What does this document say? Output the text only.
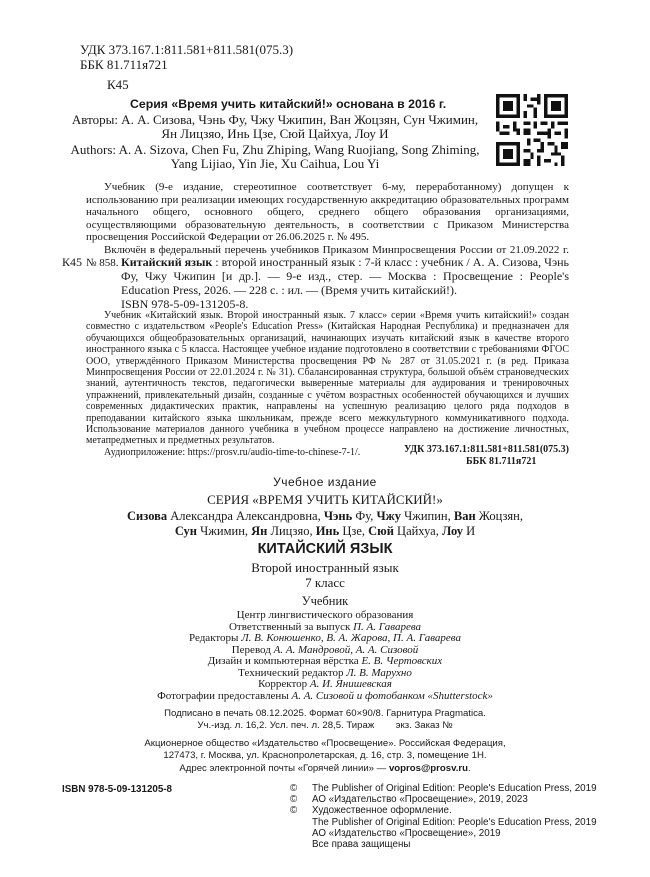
УДК 373.167.1:811.581+811.581(075.3)

ББК 81.711я721

К45

Серия «Время учить китайский!» основана в 2016 г.

Авторы: А. А. Сизова, Чэнь Фу, Чжу Чжипин, Ван Жоцзян, Сун Чжимин,
Ян Лицзяо, Инь Цзе, Сюй Цайхуа, Лоу И
Authors: A. A. Sizova, Chen Fu, Zhu Zhiping, Wang Ruojiang, Song Zhiming,
Yang Lijiao, Yin Jie, Xu Caihua, Lou Yi

Учебник (9-е издание, стереотипное соответствует 6-му, переработанному) допущен к использованию при реализации имеющих государственную аккредитацию образовательных программ начального общего, основного общего, среднего общего образования организациями, осуществляющими образовательную деятельность, в соответствии с Приказом Министерства просвещения Российской Федерации от 26.06.2025 г. № 495.

Включён в федеральный перечень учебников Приказом Минпросвещения России от 21.09.2022 г. № 858.

К45	Китайский язык : второй иностранный язык : 7-й класс : учебник / А. А. Сизова, Чэнь Фу, Чжу Чжипин [и др.]. — 9-е изд., стер. — Москва : Просвещение : People's Education Press, 2026. — 228 с. : ил. — (Время учить китайский!).

ISBN 978-5-09-131205-8.

Учебник «Китайский язык. Второй иностранный язык. 7 класс» серии «Время учить китайский!» создан совместно с издательством «People's Education Press» (Китайская Народная Республика) и предназначен для обучающихся общеобразовательных организаций, начинающих изучать китайский язык в качестве второго иностранного языка с 5 класса. Настоящее учебное издание подготовлено в соответствии с требованиями ФГОС ООО, утверждённого Приказом Министерства просвещения РФ № 287 от 31.05.2021 г. (в ред. Приказа Минпросвещения России от 22.01.2024 г. № 31). Сбалансированная структура, большой объём страноведческих знаний, аутентичность текстов, педагогически выверенные материалы для аудирования и тренировочных упражнений, привлекательный дизайн, созданные с учётом возрастных особенностей обучающихся и лучших современных дидактических практик, направлены на успешную реализацию целого ряда подходов в преподавании китайского языка школьникам, прежде всего межкультурного коммуникативного подхода. Использование материалов данного учебника в учебном процессе направлено на достижение личностных, метапредметных и предметных результатов.

Аудиоприложение: https://prosv.ru/audio-time-to-chinese-7-1/.	УДК 373.167.1:811.581+811.581(075.3)

ББК 81.711я721

Учебное издание

СЕРИЯ «ВРЕМЯ УЧИТЬ КИТАЙСКИЙ!»

Сизова Александра Александровна, Чэнь Фу, Чжу Чжипин, Ван Жоцзян,
Сун Чжимин, Ян Лицзяо, Инь Цзе, Сюй Цайхуа, Лоу И

КИТАЙСКИЙ ЯЗЫК

Второй иностранный язык

7 класс

Учебник

Центр лингвистического образования
Ответственный за выпуск П. А. Гаварева
Редакторы Л. В. Конюшенко, В. А. Жарова, П. А. Гаварева
Перевод А. А. Мандровой, А. А. Сизовой
Дизайн и компьютерная вёрстка Е. В. Чертовских
Технический редактор Л. В. Марухно
Корректор А. И. Янишевская
Фотографии предоставлены А. А. Сизовой и фотобанком «Shutterstock»
Подписано в печать 08.12.2025. Формат 60×90/8. Гарнитура Pragmatica.
Уч.-изд. л. 16,2. Усл. печ. л. 28,5. Тираж        экз. Заказ №
Акционерное общество «Издательство «Просвещение». Российская Федерация,
127473, г. Москва, ул. Краснопролетарская, д. 16, стр. 3, помещение 1Н.

Адрес электронной почты «Горячей линии» — vopros@prosv.ru.

ISBN 978-5-09-131205-8	© The Publisher of Original Edition: People's Education Press, 2019
© АО «Издательство «Просвещение», 2019, 2023
© Художественное оформление.
The Publisher of Original Edition: People's Education Press, 2019
АО «Издательство «Просвещение», 2019
Все права защищены
